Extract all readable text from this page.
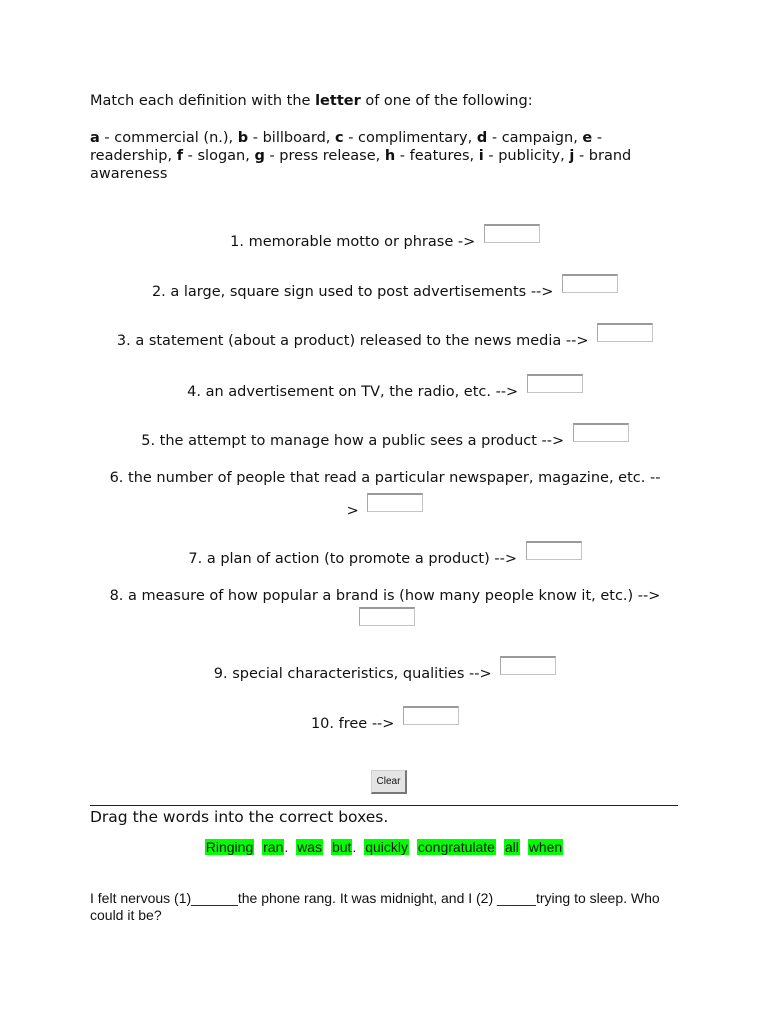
Match each definition with the letter of one of the following:
a - commercial (n.), b - billboard, c - complimentary, d - campaign, e - readership, f - slogan, g - press release, h - features, i - publicity, j - brand awareness
1. memorable motto or phrase ->
2. a large, square sign used to post advertisements -->
3. a statement (about a product) released to the news media -->
4. an advertisement on TV, the radio, etc. -->
5. the attempt to manage how a public sees a product -->
6. the number of people that read a particular newspaper, magazine, etc. --
>
7. a plan of action (to promote a product) -->
8. a measure of how popular a brand is (how many people know it, etc.) -->

9. special characteristics, qualities -->
10. free -->
Clear
Drag the words into the correct boxes.
Ringing ran. was but. quickly congratulate all when
I felt nervous (1)______the phone rang. It was midnight, and I (2) _____trying to sleep. Who could it be?
